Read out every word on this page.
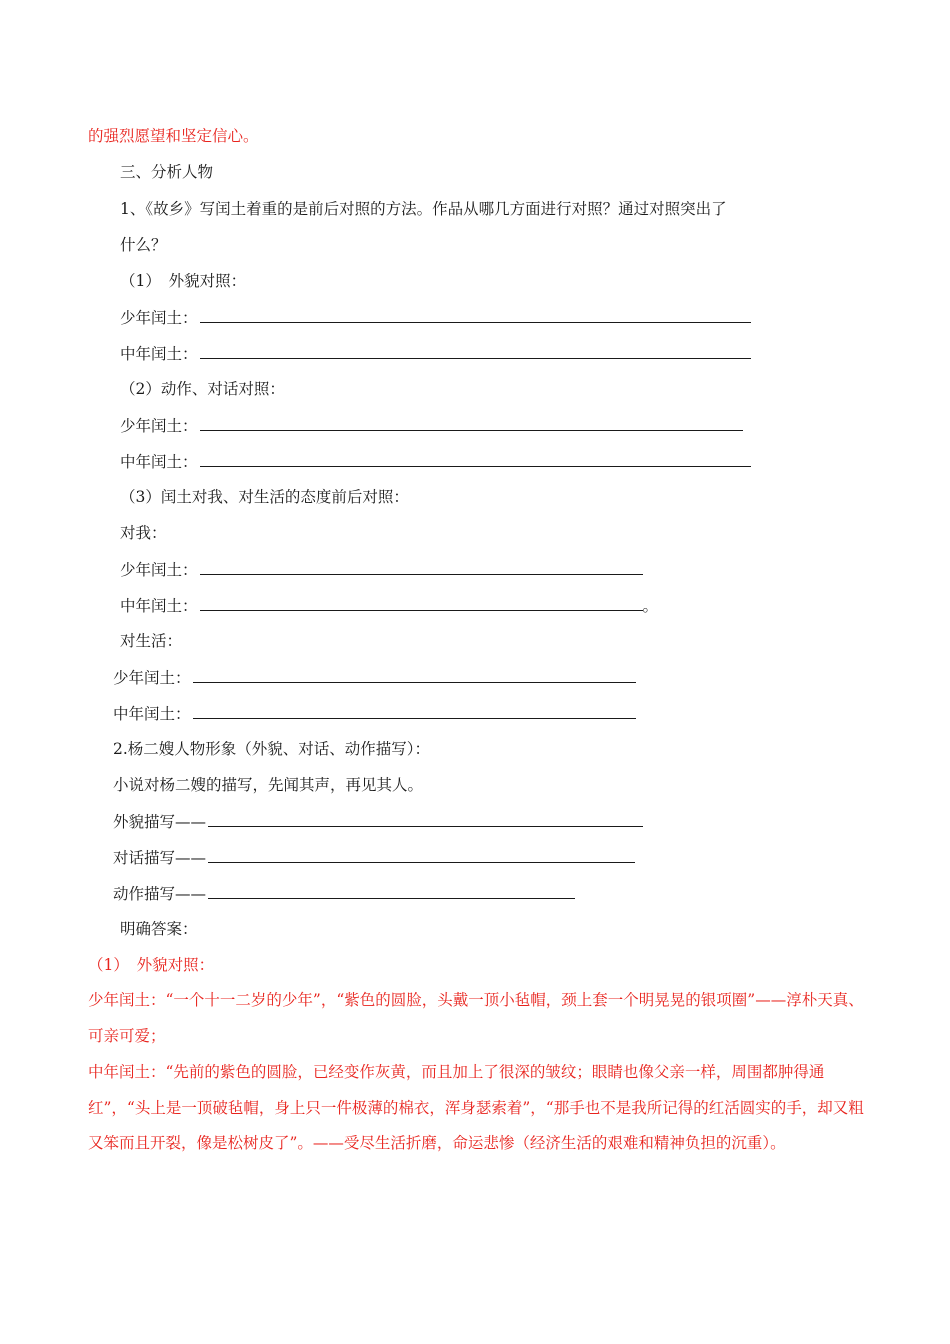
的强烈愿望和坚定信心。
三、分析人物
1、《故乡》写闰土着重的是前后对照的方法。作品从哪几方面进行对照？通过对照突出了
什么？
（1）　外貌对照：
少年闰土：
中年闰土：
（2）动作、对话对照：
少年闰土：
中年闰土：
（3）闰土对我、对生活的态度前后对照：
对我：
少年闰土：
中年闰土：	。
对生活：
少年闰土：
中年闰土：
2.杨二嫂人物形象（外貌、对话、动作描写）：
小说对杨二嫂的描写，先闻其声，再见其人。
外貌描写——
对话描写——
动作描写——
明确答案：
（1）　外貌对照：
少年闰土：“一个十一二岁的少年”，“紫色的圆脸，头戴一顶小毡帽，颈上套一个明晃晃的银项圈”——淳朴天真、可亲可爱；
中年闰土：“先前的紫色的圆脸，已经变作灰黄，而且加上了很深的皱纹；眼睛也像父亲一样，周围都肿得通红”，“头上是一顶破毡帽，身上只一件极薄的棉衣，浑身瑟索着”，“那手也不是我所记得的红活圆实的手，却又粗又笨而且开裂，像是松树皮了”。——受尽生活折磨，命运悲惨（经济生活的艰难和精神负担的沉重）。
